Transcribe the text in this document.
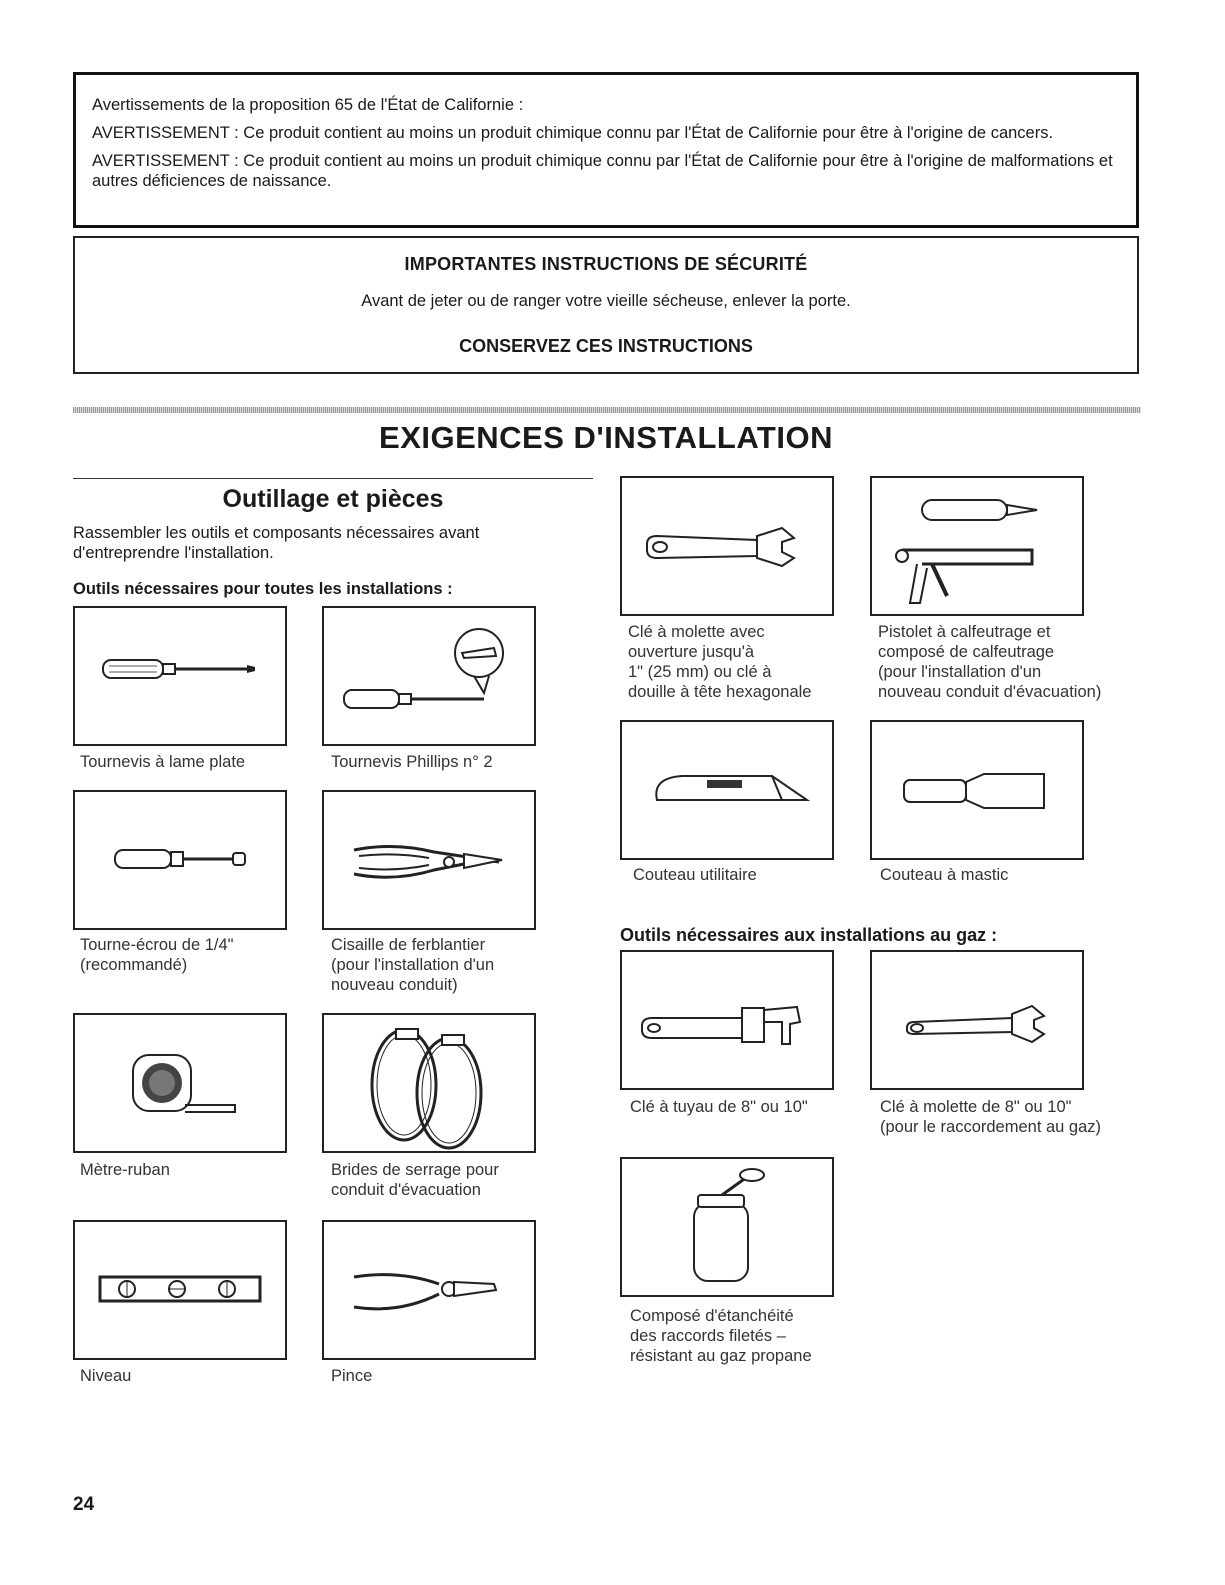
Avertissements de la proposition 65 de l'État de Californie :

AVERTISSEMENT : Ce produit contient au moins un produit chimique connu par l'État de Californie pour être à l'origine de cancers.

AVERTISSEMENT : Ce produit contient au moins un produit chimique connu par l'État de Californie pour être à l'origine de malformations et autres déficiences de naissance.

IMPORTANTES INSTRUCTIONS DE SÉCURITÉ
Avant de jeter ou de ranger votre vieille sécheuse, enlever la porte.
CONSERVEZ CES INSTRUCTIONS
EXIGENCES D'INSTALLATION
Outillage et pièces
Rassembler les outils et composants nécessaires avant d'entreprendre l'installation.
Outils nécessaires pour toutes les installations :
Outils nécessaires aux installations au gaz :
Tournevis à lame plate	Tournevis Phillips n° 2
Tourne-écrou de 1/4"
(recommandé)
Cisaille de ferblantier
(pour l'installation d'un
nouveau conduit)
Mètre-ruban	Brides de serrage pour
conduit d'évacuation
Niveau	Pince
Clé à molette avec
ouverture jusqu'à
1" (25 mm) ou clé à
douille à tête hexagonale
Pistolet à calfeutrage et
composé de calfeutrage
(pour l'installation d'un
nouveau conduit d'évacuation)
Couteau utilitaire	Couteau à mastic
Clé à tuyau de 8" ou 10"	Clé à molette de 8" ou 10"
(pour le raccordement au gaz)
Composé d'étanchéité
des raccords filetés –
résistant au gaz propane
24
